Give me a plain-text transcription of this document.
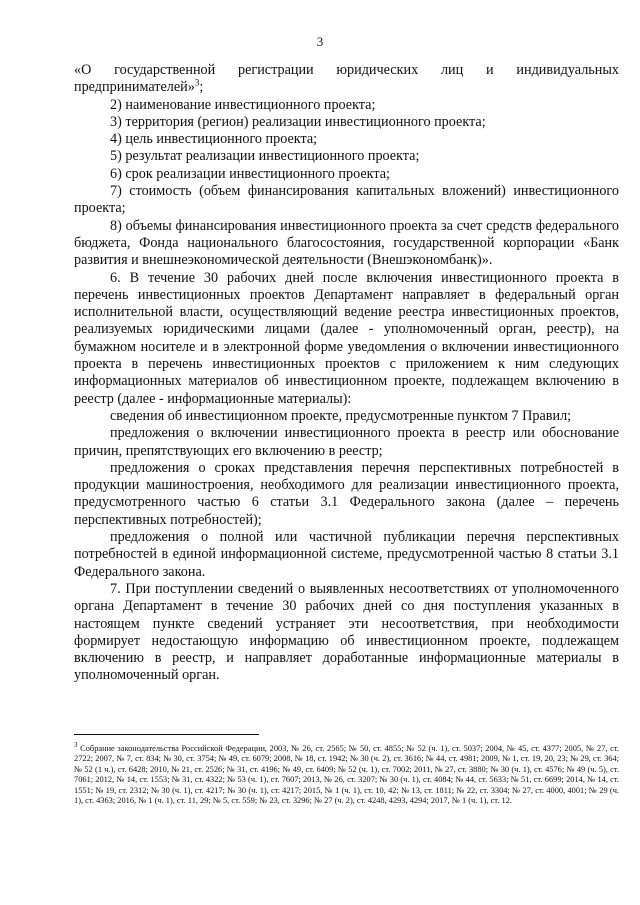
3

«О государственной регистрации юридических лиц и индивидуальных предпринимателей»$^3$;

2) наименование инвестиционного проекта;

3) территория (регион) реализации инвестиционного проекта;

4) цель инвестиционного проекта;

5) результат реализации инвестиционного проекта;

6) срок реализации инвестиционного проекта;

7) стоимость (объем финансирования капитальных вложений) инвестиционного проекта;

8) объемы финансирования инвестиционного проекта за счет средств федерального бюджета, Фонда национального благосостояния, государственной корпорации «Банк развития и внешнеэкономической деятельности (Внешэкономбанк)».

6. В течение 30 рабочих дней после включения инвестиционного проекта в перечень инвестиционных проектов Департамент направляет в федеральный орган исполнительной власти, осуществляющий ведение реестра инвестиционных проектов, реализуемых юридическими лицами (далее - уполномоченный орган, реестр), на бумажном носителе и в электронной форме уведомления о включении инвестиционного проекта в перечень инвестиционных проектов с приложением к ним следующих информационных материалов об инвестиционном проекте, подлежащем включению в реестр (далее - информационные материалы):

сведения об инвестиционном проекте, предусмотренные пунктом 7 Правил;

предложения о включении инвестиционного проекта в реестр или обоснование причин, препятствующих его включению в реестр;

предложения о сроках представления перечня перспективных потребностей в продукции машиностроения, необходимого для реализации инвестиционного проекта, предусмотренного частью 6 статьи 3.1 Федерального закона (далее – перечень перспективных потребностей);

предложения о полной или частичной публикации перечня перспективных потребностей в единой информационной системе, предусмотренной частью 8 статьи 3.1 Федерального закона.

7. При поступлении сведений о выявленных несоответствиях от уполномоченного органа Департамент в течение 30 рабочих дней со дня поступления указанных в настоящем пункте сведений устраняет эти несоответствия, при необходимости формирует недостающую информацию об инвестиционном проекте, подлежащем включению в реестр, и направляет доработанные информационные материалы в уполномоченный орган.

$^3$ Собрание законодательства Российской Федерации, 2003, № 26, ст. 2565; № 50, ст. 4855; № 52 (ч. 1), ст. 5037; 2004, № 45, ст. 4377; 2005, № 27, ст. 2722; 2007, № 7, ст. 834; № 30, ст. 3754; № 49, ст. 6079; 2008, № 18, ст. 1942; № 30 (ч. 2), ст. 3616; № 44, ст. 4981; 2009, № 1, ст. 19, 20, 23; № 29, ст. 364; № 52 (1 ч.), ст. 6428; 2010, № 21, ст. 2526; № 31, ст. 4196; № 49, ст. 6409; № 52 (ч. 1), ст. 7002; 2011, № 27, ст. 3880; № 30 (ч. 1), ст. 4576; № 49 (ч. 5), ст. 7061; 2012, № 14, ст. 1553; № 31, ст. 4322; № 53 (ч. 1), ст. 7607; 2013, № 26, ст. 3207; № 30 (ч. 1), ст. 4084; № 44, ст. 5633; № 51, ст. 6699; 2014, № 14, ст. 1551; № 19, ст. 2312; № 30 (ч. 1), ст. 4217; № 30 (ч. 1), ст. 4217; 2015, № 1 (ч. 1), ст. 10, 42; № 13, ст. 1811; № 22, ст. 3304; № 27, ст. 4000, 4001; № 29 (ч. 1), ст. 4363; 2016, № 1 (ч. 1), ст. 11, 29; № 5, ст. 559; № 23, ст. 3296; № 27 (ч. 2), ст. 4248, 4293, 4294; 2017, № 1 (ч. 1), ст. 12.
